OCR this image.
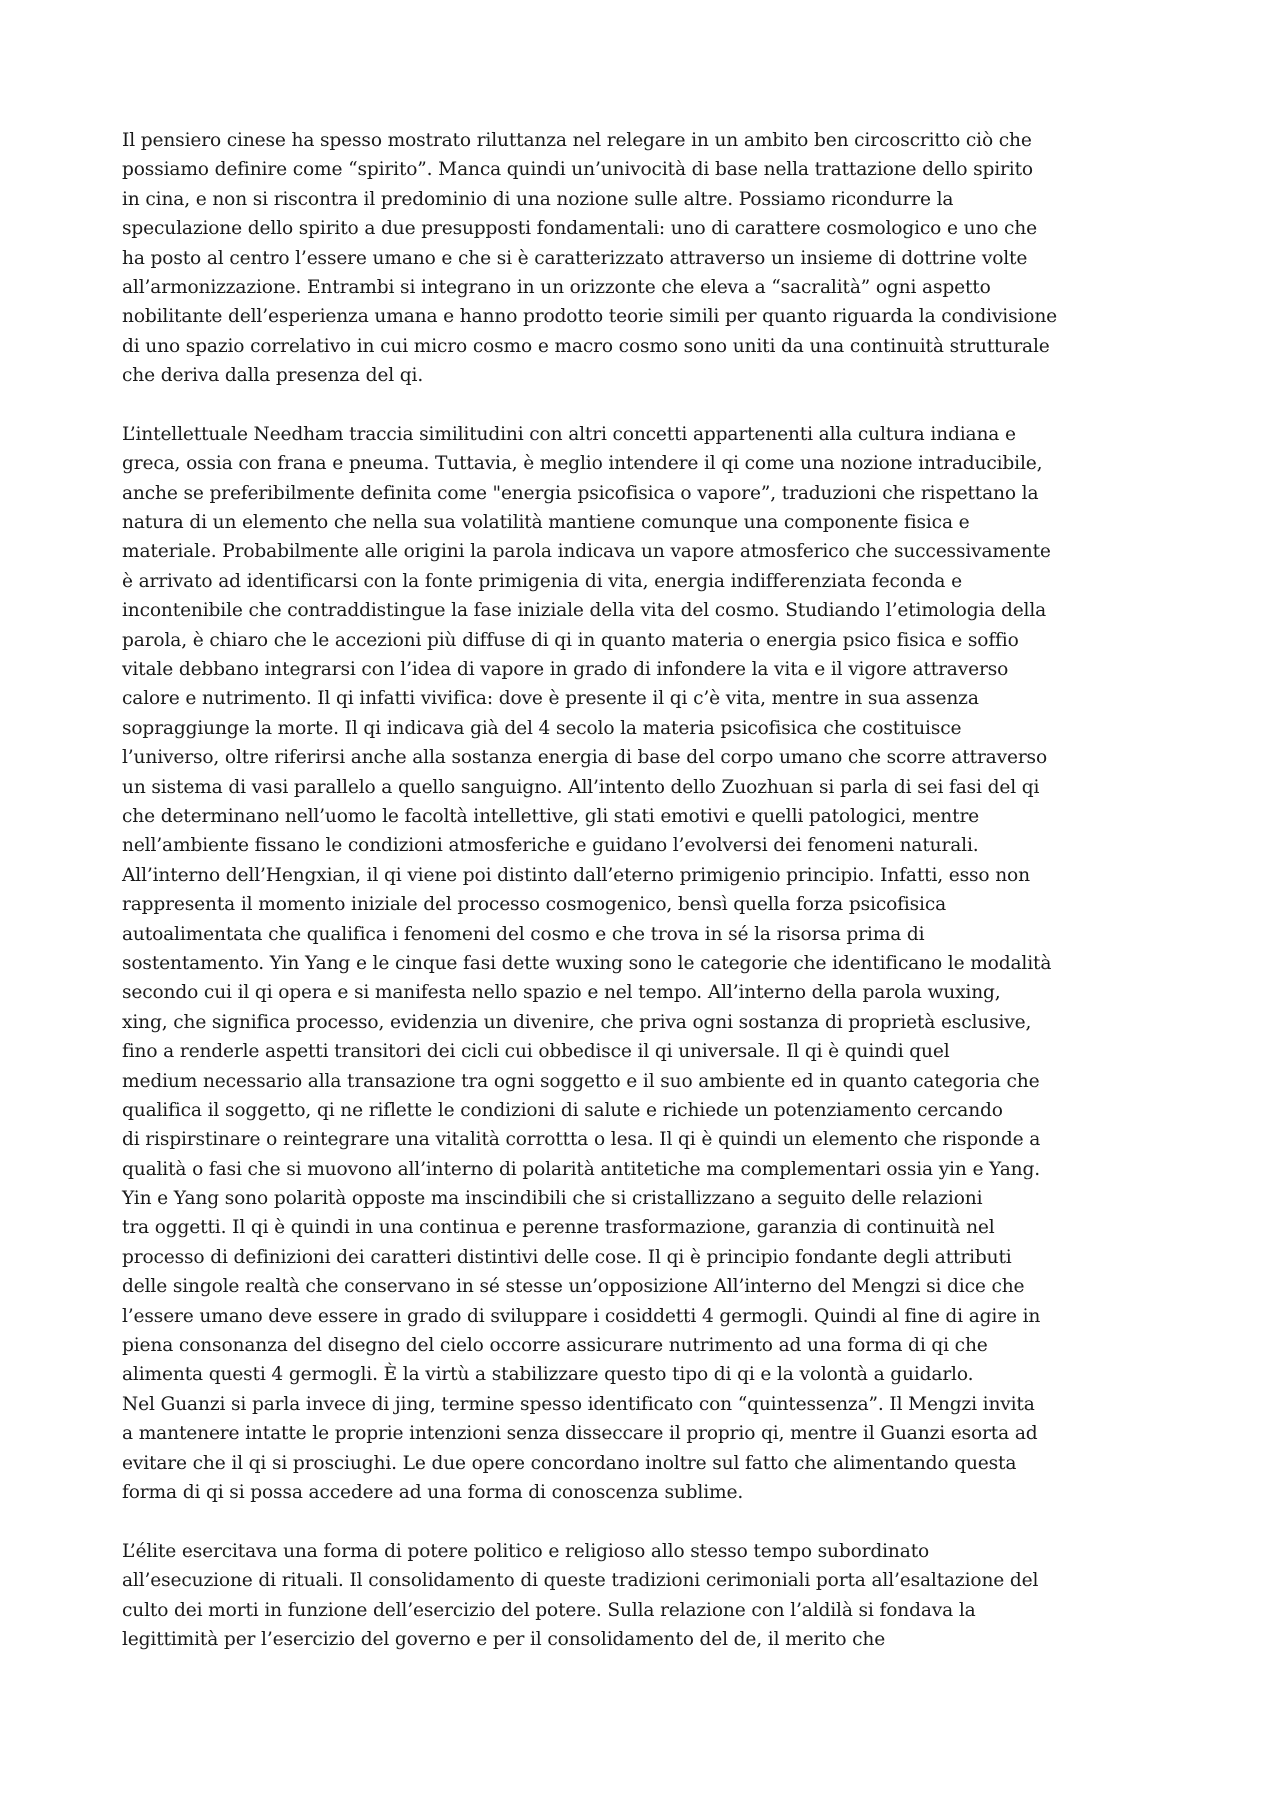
Il pensiero cinese ha spesso mostrato riluttanza nel relegare in un ambito ben circoscritto ciò che
possiamo definire come “spirito”. Manca quindi un’univocità di base nella trattazione dello spirito
in cina, e non si riscontra il predominio di una nozione sulle altre. Possiamo ricondurre la
speculazione dello spirito a due presupposti fondamentali: uno di carattere cosmologico e uno che
ha posto al centro l’essere umano e che si è caratterizzato attraverso un insieme di dottrine volte
all’armonizzazione. Entrambi si integrano in un orizzonte che eleva a “sacralità” ogni aspetto
nobilitante dell’esperienza umana e hanno prodotto teorie simili per quanto riguarda la condivisione
di uno spazio correlativo in cui micro cosmo e macro cosmo sono uniti da una continuità strutturale
che deriva dalla presenza del qi.
L’intellettuale Needham traccia similitudini con altri concetti appartenenti alla cultura indiana e
greca, ossia con frana e pneuma. Tuttavia, è meglio intendere il qi come una nozione intraducibile,
anche se preferibilmente definita come "energia psicofisica o vapore”, traduzioni che rispettano la
natura di un elemento che nella sua volatilità mantiene comunque una componente fisica e
materiale. Probabilmente alle origini la parola indicava un vapore atmosferico che successivamente
è arrivato ad identificarsi con la fonte primigenia di vita, energia indifferenziata feconda e
incontenibile che contraddistingue la fase iniziale della vita del cosmo. Studiando l’etimologia della
parola, è chiaro che le accezioni più diffuse di qi in quanto materia o energia psico fisica e soffio
vitale debbano integrarsi con l’idea di vapore in grado di infondere la vita e il vigore attraverso
calore e nutrimento. Il qi infatti vivifica: dove è presente il qi c’è vita, mentre in sua assenza
sopraggiunge la morte. Il qi indicava già del 4 secolo la materia psicofisica che costituisce
l’universo, oltre riferirsi anche alla sostanza energia di base del corpo umano che scorre attraverso
un sistema di vasi parallelo a quello sanguigno. All’intento dello Zuozhuan si parla di sei fasi del qi
che determinano nell’uomo le facoltà intellettive, gli stati emotivi e quelli patologici, mentre
nell’ambiente fissano le condizioni atmosferiche e guidano l’evolversi dei fenomeni naturali.
All’interno dell’Hengxian, il qi viene poi distinto dall’eterno primigenio principio. Infatti, esso non
rappresenta il momento iniziale del processo cosmogenico, bensì quella forza psicofisica
autoalimentata che qualifica i fenomeni del cosmo e che trova in sé la risorsa prima di
sostentamento. Yin Yang e le cinque fasi dette wuxing sono le categorie che identificano le modalità
secondo cui il qi opera e si manifesta nello spazio e nel tempo. All’interno della parola wuxing,
xing, che significa processo, evidenzia un divenire, che priva ogni sostanza di proprietà esclusive,
fino a renderle aspetti transitori dei cicli cui obbedisce il qi universale. Il qi è quindi quel
medium necessario alla transazione tra ogni soggetto e il suo ambiente ed in quanto categoria che
qualifica il soggetto, qi ne riflette le condizioni di salute e richiede un potenziamento cercando
di rispirstinare o reintegrare una vitalità corrottta o lesa. Il qi è quindi un elemento che risponde a
qualità o fasi che si muovono all’interno di polarità antitetiche ma complementari ossia yin e Yang.
Yin e Yang sono polarità opposte ma inscindibili che si cristallizzano a seguito delle relazioni
tra oggetti. Il qi è quindi in una continua e perenne trasformazione, garanzia di continuità nel
processo di definizioni dei caratteri distintivi delle cose. Il qi è principio fondante degli attributi
delle singole realtà che conservano in sé stesse un’opposizione All’interno del Mengzi si dice che
l’essere umano deve essere in grado di sviluppare i cosiddetti 4 germogli. Quindi al fine di agire in
piena consonanza del disegno del cielo occorre assicurare nutrimento ad una forma di qi che
alimenta questi 4 germogli. È la virtù a stabilizzare questo tipo di qi e la volontà a guidarlo.
Nel Guanzi si parla invece di jing, termine spesso identificato con “quintessenza”. Il Mengzi invita
a mantenere intatte le proprie intenzioni senza disseccare il proprio qi, mentre il Guanzi esorta ad
evitare che il qi si prosciughi. Le due opere concordano inoltre sul fatto che alimentando questa
forma di qi si possa accedere ad una forma di conoscenza sublime.
L’élite esercitava una forma di potere politico e religioso allo stesso tempo subordinato
all’esecuzione di rituali. Il consolidamento di queste tradizioni cerimoniali porta all’esaltazione del
culto dei morti in funzione dell’esercizio del potere. Sulla relazione con l’aldilà si fondava la
legittimità per l’esercizio del governo e per il consolidamento del de, il merito che
